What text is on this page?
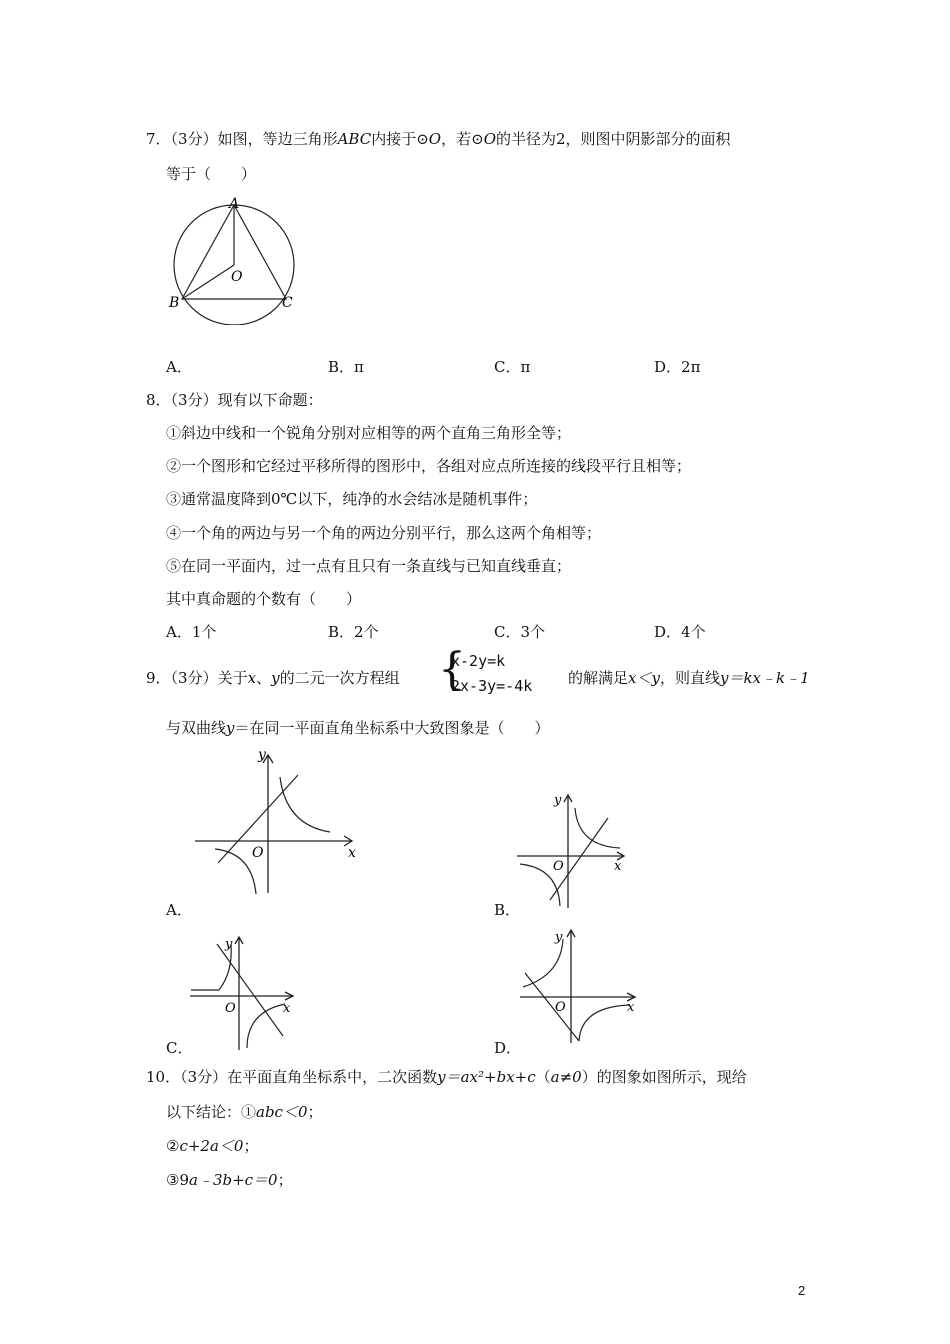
7．（3分）如图，等边三角形ABC内接于⊙O，若⊙O的半径为2，则图中阴影部分的面积
等于（　　）
A
B	C
O
A．	B．π	C．π	D．2π
8．（3分）现有以下命题：
①斜边中线和一个锐角分别对应相等的两个直角三角形全等；
②一个图形和它经过平移所得的图形中，各组对应点所连接的线段平行且相等；
③通常温度降到0℃以下，纯净的水会结冰是随机事件；
④一个角的两边与另一个角的两边分别平行，那么这两个角相等；
⑤在同一平面内，过一点有且只有一条直线与已知直线垂直；
其中真命题的个数有（　　）
A．1个	B．2个	C．3个	D．4个
9．（3分）关于x、y的二元一次方程组 {
x-2y=k
2x-3y=-4k 的解满足x＜y，则直线y＝kx﹣k﹣1
与双曲线y＝在同一平面直角坐标系中大致图象是（　　）
y
x
O
A．
y
x
O
B．
y
x
O
C．
y
x
O
D．
10．（3分）在平面直角坐标系中，二次函数y＝ax²+bx+c（a≠0）的图象如图所示，现给
以下结论：①abc＜0；
②c+2a＜0；
③9a﹣3b+c＝0；
2
